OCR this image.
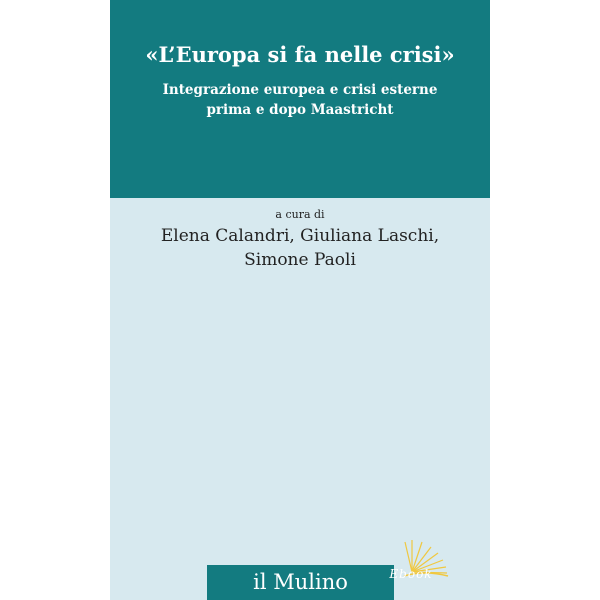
«L’Europa si fa nelle crisi»
Integrazione europea e crisi esterne
prima e dopo Maastricht
a cura di
Elena Calandri, Giuliana Laschi,
Simone Paoli
il Mulino	Ebook
